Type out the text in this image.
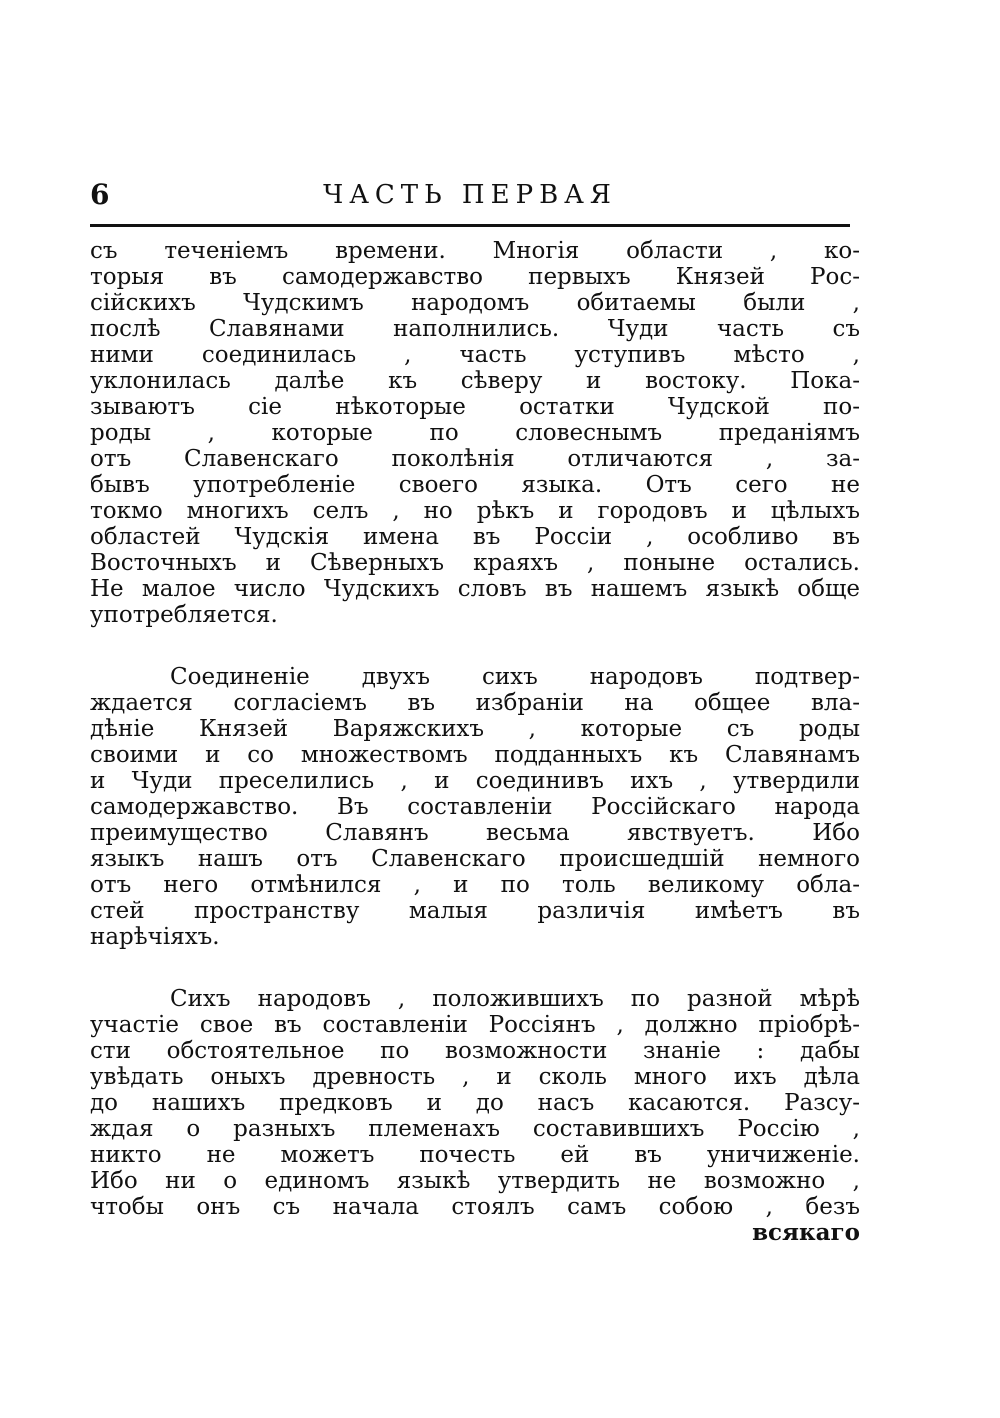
6	ЧАСТЬ ПЕРВАЯ
съ теченiемъ времени. Многiя области , ко-
торыя въ самодержавство первыхъ Князей Рос-
сiйскихъ Чудскимъ народомъ обитаемы были ,
послѣ Славянами наполнились. Чуди часть съ
ними соединилась , часть уступивъ мѣсто ,
уклонилась далѣе къ сѣверу и востоку. Пока-
зываютъ сiе нѣкоторые остатки Чудской по-
роды , которые по словеснымъ преданiямъ
отъ Славенскаго поколѣнiя отличаются , за-
бывъ употребленiе своего языка. Отъ сего не
токмо многихъ селъ , но рѣкъ и городовъ и цѣлыхъ
областей Чудскiя имена въ Россiи , особливо въ
Восточныхъ и Сѣверныхъ краяхъ , поныне остались.
Не малое число Чудскихъ словъ въ нашемъ языкѣ обще
употребляется.
Соединенiе двухъ сихъ народовъ подтвер-
ждается согласiемъ въ избранiи на общее вла-
дѣнiе Князей Варяжскихъ , которые съ роды
своими и со множествомъ подданныхъ къ Славянамъ
и Чуди преселились , и соединивъ ихъ , утвердили
самодержавство. Въ составленiи Россiйскаго народа
преимущество Славянъ весьма явствуетъ. Ибо
языкъ нашъ отъ Славенскаго происшедшiй немного
отъ него отмѣнился , и по толь великому обла-
стей пространству малыя различiя имѣетъ въ
нарѣчiяхъ.
Сихъ народовъ , положившихъ по разной мѣрѣ
участiе свое въ составленiи Россiянъ , должно прiобрѣ-
сти обстоятельное по возможности знанiе : дабы
увѣдать оныхъ древность , и сколь много ихъ дѣла
до нашихъ предковъ и до насъ касаются. Разсу-
ждая о разныхъ племенахъ составившихъ Россiю ,
никто не можетъ почесть ей въ уничиженiе.
Ибо ни о единомъ языкѣ утвердить не возможно ,
чтобы онъ съ начала стоялъ самъ собою , безъ
всякаго
